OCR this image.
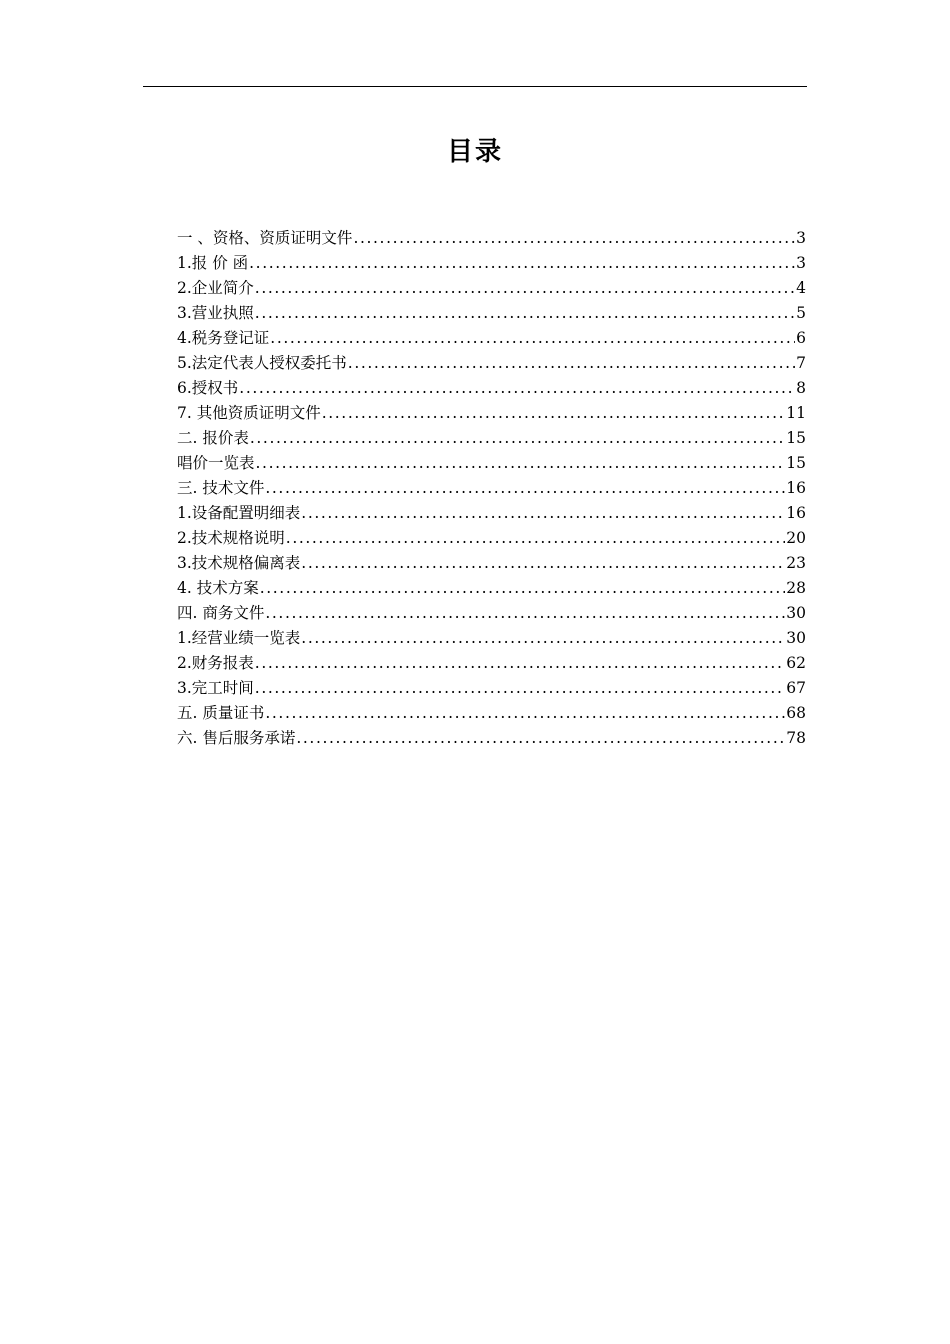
目录
一 、资格、资质证明文件 .....	3
1.报 价 函 .....	3
2.企业简介 .....	4
3.营业执照 .....	5
4.税务登记证 .....	6
5.法定代表人授权委托书 .....	7
6.授权书 .....	8
7. 其他资质证明文件 .....	11
二. 报价表 .....	15
唱价一览表 .....	15
三. 技术文件 .....	16
1.设备配置明细表 .....	16
2.技术规格说明 .....	20
3.技术规格偏离表 .....	23
4. 技术方案 .....	28
四. 商务文件 .....	30
1.经营业绩一览表 .....	30
2.财务报表 .....	62
3.完工时间 .....	67
五. 质量证书 .....	68
六. 售后服务承诺 .....	78
